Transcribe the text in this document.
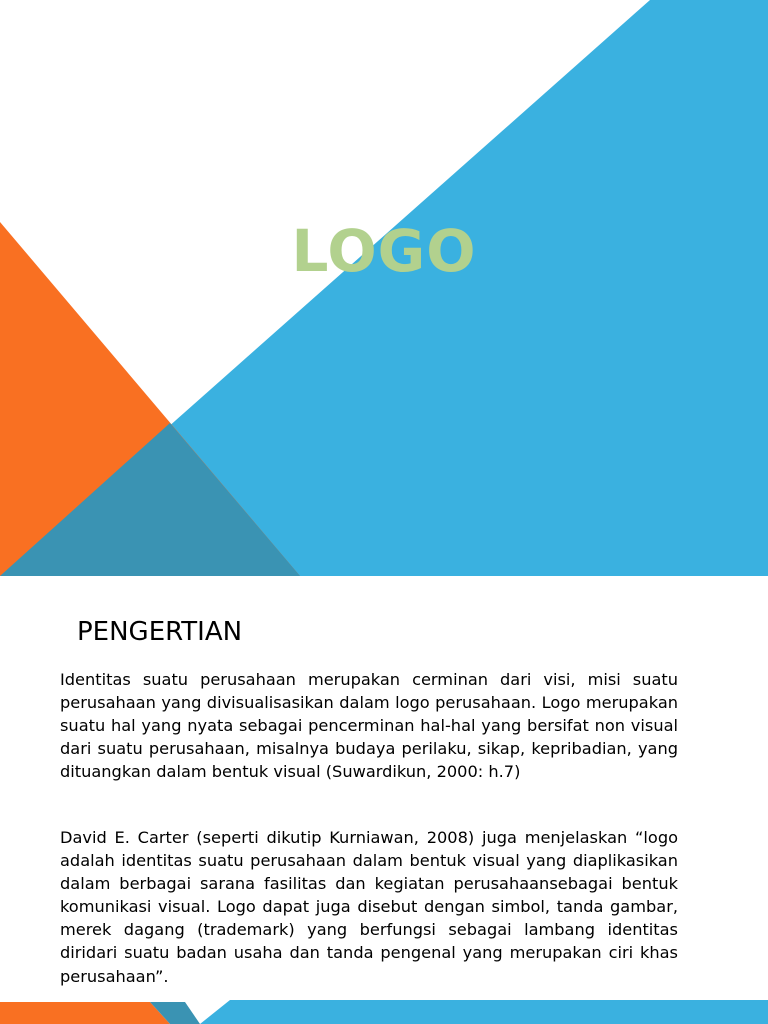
LOGO
PENGERTIAN

Identitas suatu perusahaan merupakan cerminan dari visi, misi suatu perusahaan yang divisualisasikan dalam logo perusahaan. Logo merupakan suatu hal yang nyata sebagai pencerminan hal-hal yang bersifat non visual dari suatu perusahaan, misalnya budaya perilaku, sikap, kepribadian, yang dituangkan dalam bentuk visual (Suwardikun, 2000: h.7)

David E. Carter (seperti dikutip Kurniawan, 2008) juga menjelaskan “logo adalah identitas suatu perusahaan dalam bentuk visual yang diaplikasikan dalam berbagai sarana fasilitas dan kegiatan perusahaansebagai bentuk komunikasi visual. Logo dapat juga disebut dengan simbol, tanda gambar, merek dagang (trademark) yang berfungsi sebagai lambang identitas diridari suatu badan usaha dan tanda pengenal yang merupakan ciri khas perusahaan”.
